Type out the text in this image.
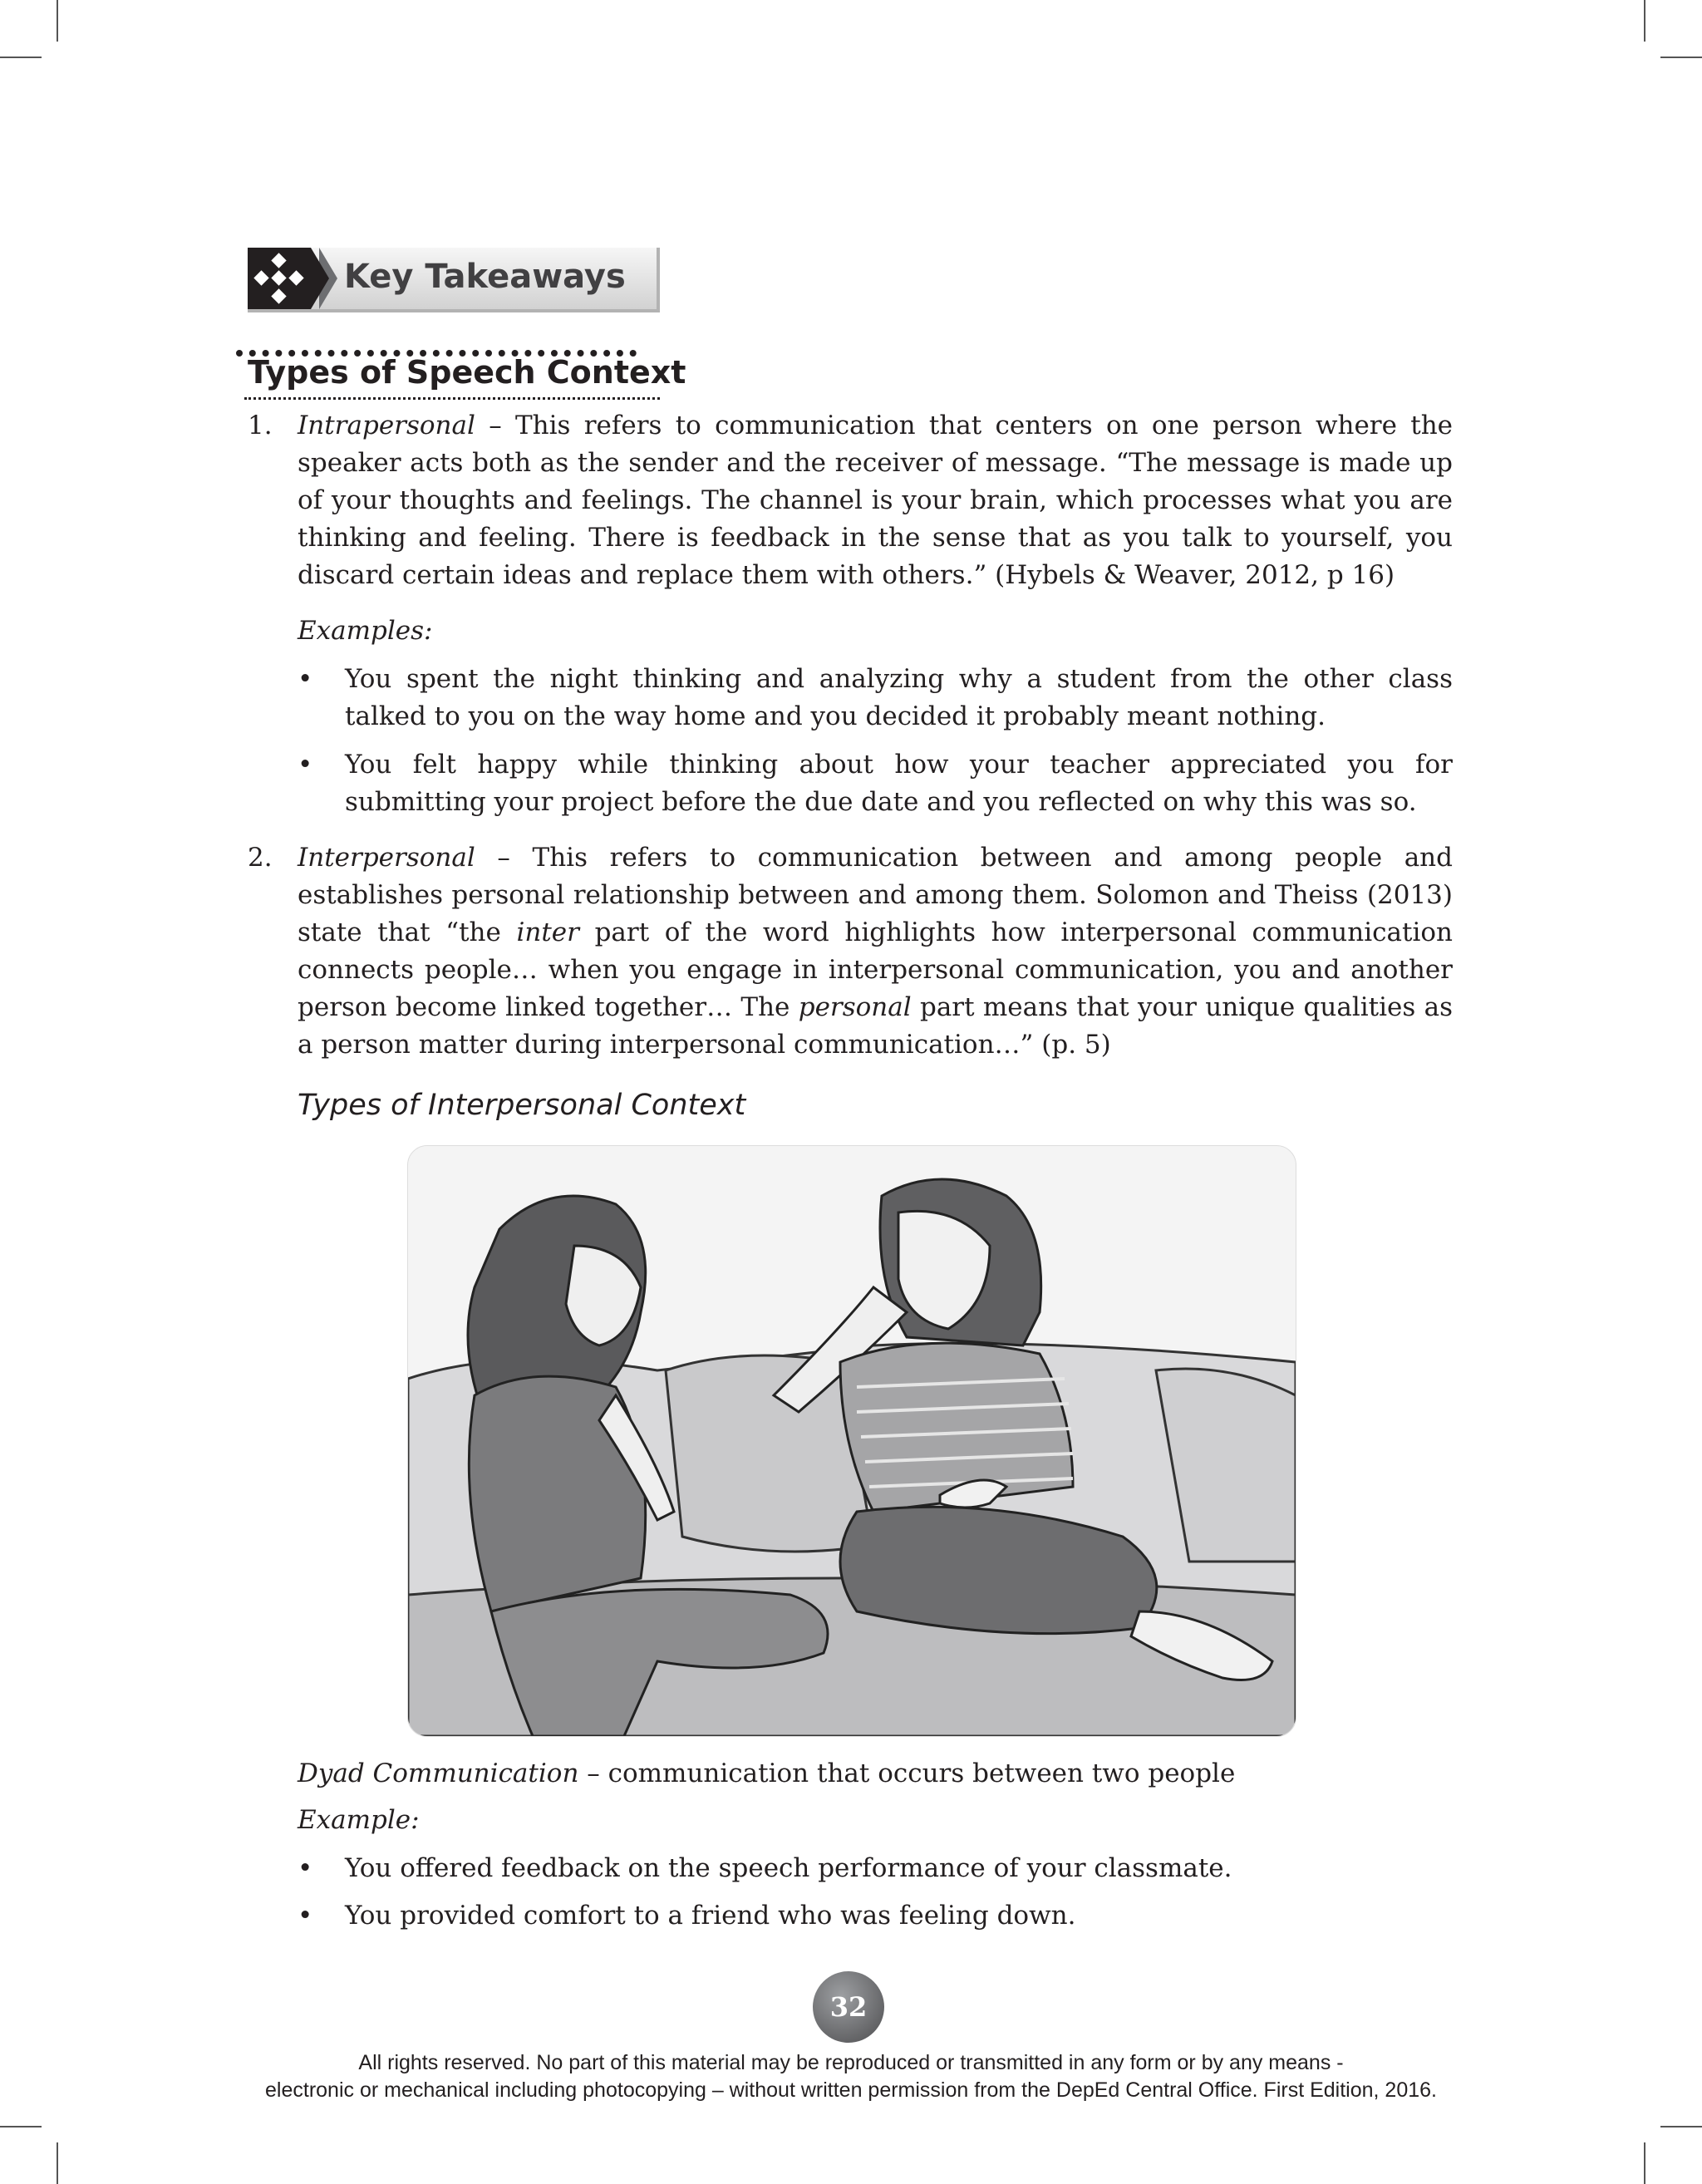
Key Takeaways
Types of Speech Context
1. Intrapersonal – This refers to communication that centers on one person where the speaker acts both as the sender and the receiver of message. “The message is made up of your thoughts and feelings. The channel is your brain, which processes what you are thinking and feeling. There is feedback in the sense that as you talk to yourself, you discard certain ideas and replace them with others.” (Hybels & Weaver, 2012, p 16)
Examples:
• You spent the night thinking and analyzing why a student from the other class talked to you on the way home and you decided it probably meant nothing.
• You felt happy while thinking about how your teacher appreciated you for submitting your project before the due date and you reflected on why this was so.
2. Interpersonal – This refers to communication between and among people and establishes personal relationship between and among them. Solomon and Theiss (2013) state that “the inter part of the word highlights how interpersonal communication connects people… when you engage in interpersonal communication, you and another person become linked together… The personal part means that your unique qualities as a person matter during interpersonal communication…” (p. 5)
Types of Interpersonal Context
Dyad Communication – communication that occurs between two people
Example:
• You offered feedback on the speech performance of your classmate.
• You provided comfort to a friend who was feeling down.
32
All rights reserved. No part of this material may be reproduced or transmitted in any form or by any means -
electronic or mechanical including photocopying – without written permission from the DepEd Central Office. First Edition, 2016.
